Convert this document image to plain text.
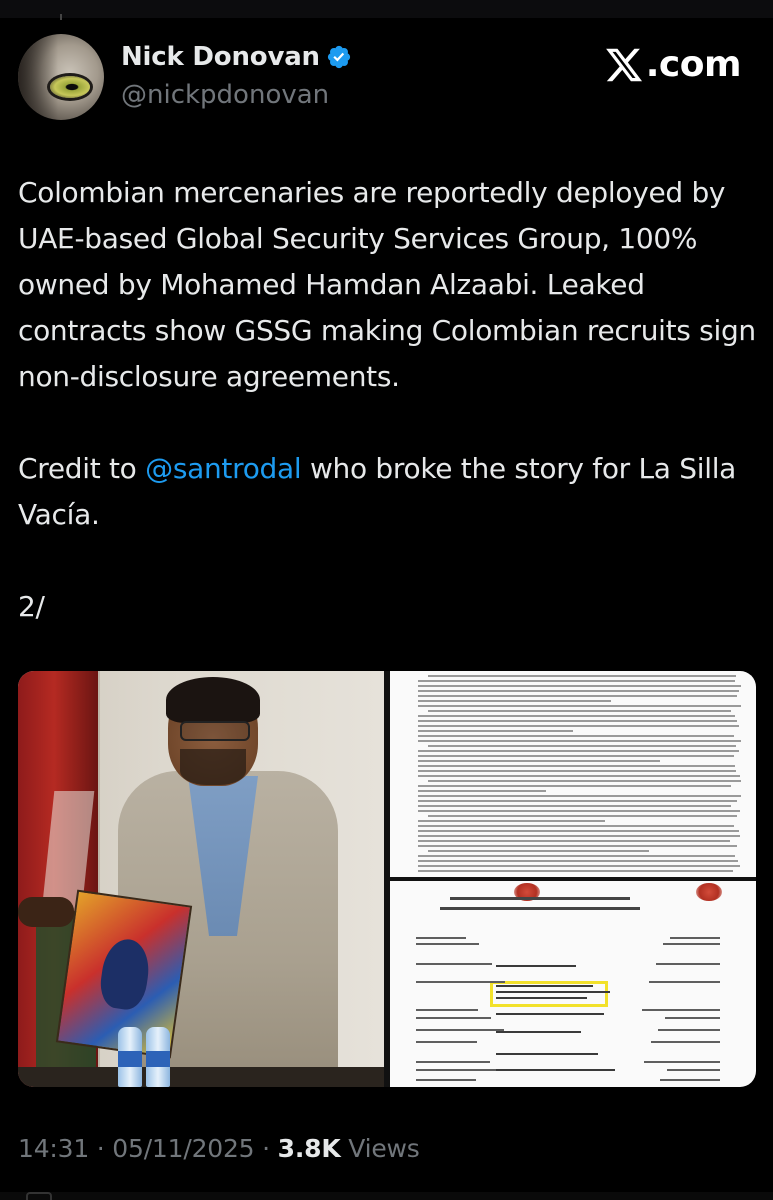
Nick Donovan
@nickpdonovan
.com

Colombian mercenaries are reportedly deployed by UAE-based Global Security Services Group, 100% owned by Mohamed Hamdan Alzaabi. Leaked contracts show GSSG making Colombian recruits sign non-disclosure agreements.

Credit to @santrodal who broke the story for La Silla Vacía.

2/

14:31 · 05/11/2025 · 3.8K Views
